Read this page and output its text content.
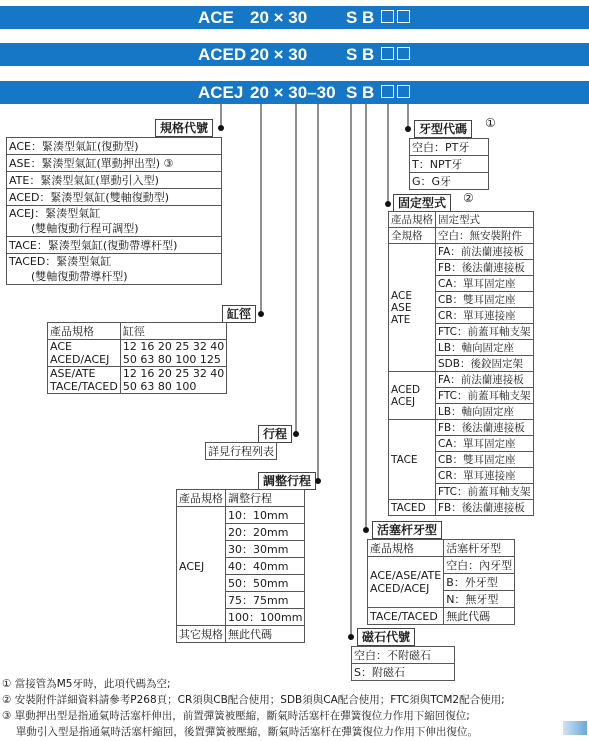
ACE 20 × 30 S B
ACED 20 × 30 S B
ACEJ 20 × 30–30 S B
規格代號
ACE：緊湊型氣缸(復動型)
ASE：緊湊型氣缸(單動押出型) ③
ATE：緊湊型氣缸(單動引入型)
ACED：緊湊型氣缸(雙軸復動型)
ACEJ：緊湊型氣缸
　　(雙軸復動行程可調型)
TACE：緊湊型氣缸(復動帶導杆型)
TACED：緊湊型氣缸
　　(雙軸復動帶導杆型)
缸徑
產品規格	缸徑
ACE
ACED/ACEJ	12 16 20 25 32 40
50 63 80 100 125
ASE/ATE
TACE/TACED	12 16 20 25 32 40
50 63 80 100
行程
詳見行程列表
調整行程
產品規格	調整行程
ACEJ	10：10mm
	20：20mm
	30：30mm
	40：40mm
	50：50mm
	75：75mm
	100：100mm
其它規格	無此代碼
牙型代碼	①
空白：PT牙
T：NPT牙
G：G牙
固定型式	②
產品規格	固定型式
全規格	空白：無安裝附件
ACE
ASE
ATE	FA：前法蘭連接板
	FB：後法蘭連接板
	CA：單耳固定座
	CB：雙耳固定座
	CR：單耳連接座
	FTC：前蓋耳軸支架
	LB：軸向固定座
	SDB：後鉸固定架
ACED
ACEJ	FA：前法蘭連接板
	FTC：前蓋耳軸支架
	LB：軸向固定座
TACE	FB：後法蘭連接板
	CA：單耳固定座
	CB：雙耳固定座
	CR：單耳連接座
	FTC：前蓋耳軸支架
TACED	FB：後法蘭連接板
活塞杆牙型
產品規格	活塞杆牙型
ACE/ASE/ATE
ACED/ACEJ	空白：內牙型
	B：外牙型
	N：無牙型
TACE/TACED	無此代碼
磁石代號
空白：不附磁石
S：附磁石
① 當接管為M5牙時，此項代碼為空;
② 安裝附件詳細資料請參考P268頁；CR須與CB配合使用；SDB須與CA配合使用；FTC須與TCM2配合使用;
③ 單動押出型是指通氣時活塞杆伸出，前置彈簧被壓縮，斷氣時活塞杆在彈簧復位力作用下縮回復位;
　 單動引入型是指通氣時活塞杆縮回，後置彈簧被壓縮，斷氣時活塞杆在彈簧復位力作用下伸出復位。
